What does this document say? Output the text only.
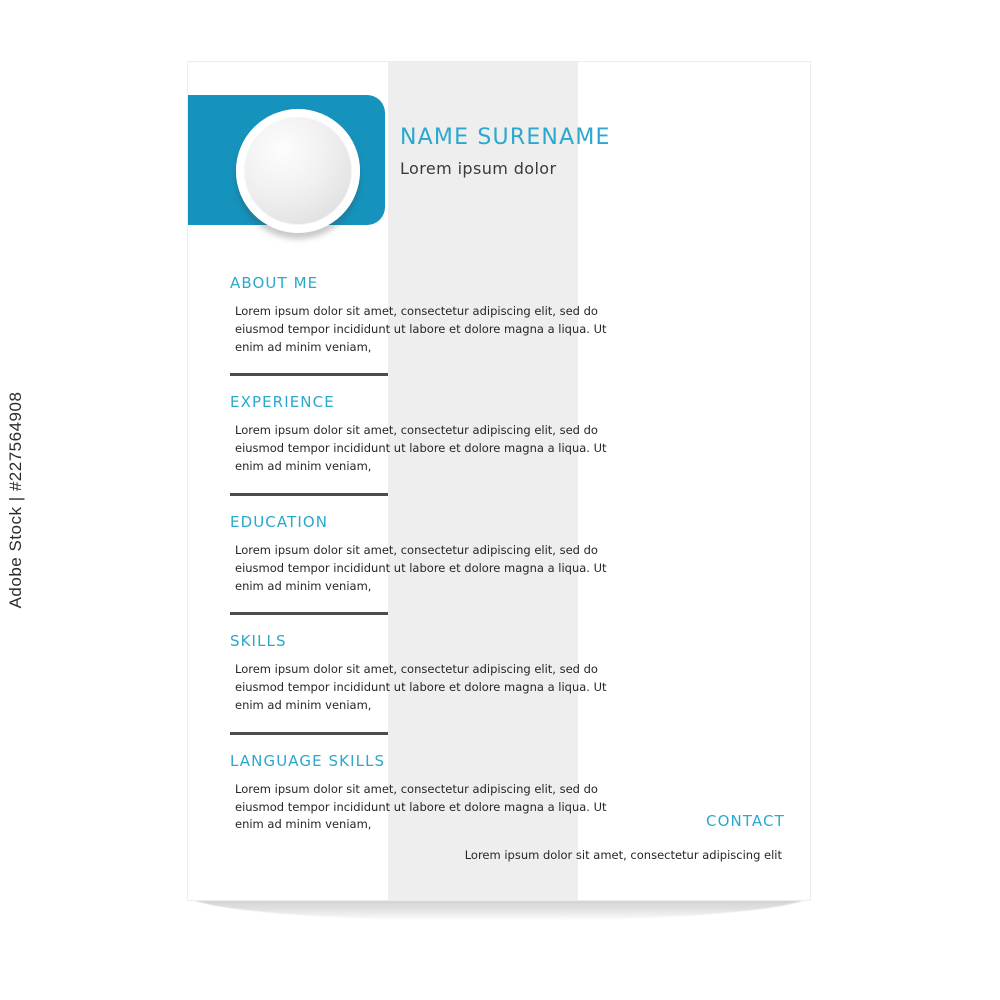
Adobe Stock | #227564908
NAME SURENAME
Lorem ipsum dolor
ABOUT ME

Lorem ipsum dolor sit amet, consectetur adipiscing elit, sed do eiusmod tempor incididunt ut labore et dolore magna a liqua. Ut enim ad minim veniam,

EXPERIENCE

Lorem ipsum dolor sit amet, consectetur adipiscing elit, sed do eiusmod tempor incididunt ut labore et dolore magna a liqua. Ut enim ad minim veniam,

EDUCATION

Lorem ipsum dolor sit amet, consectetur adipiscing elit, sed do eiusmod tempor incididunt ut labore et dolore magna a liqua. Ut enim ad minim veniam,

SKILLS

Lorem ipsum dolor sit amet, consectetur adipiscing elit, sed do eiusmod tempor incididunt ut labore et dolore magna a liqua. Ut enim ad minim veniam,

LANGUAGE SKILLS

Lorem ipsum dolor sit amet, consectetur adipiscing elit, sed do eiusmod tempor incididunt ut labore et dolore magna a liqua. Ut enim ad minim veniam,	CONTACT
Lorem ipsum dolor sit amet, consectetur adipiscing elit
